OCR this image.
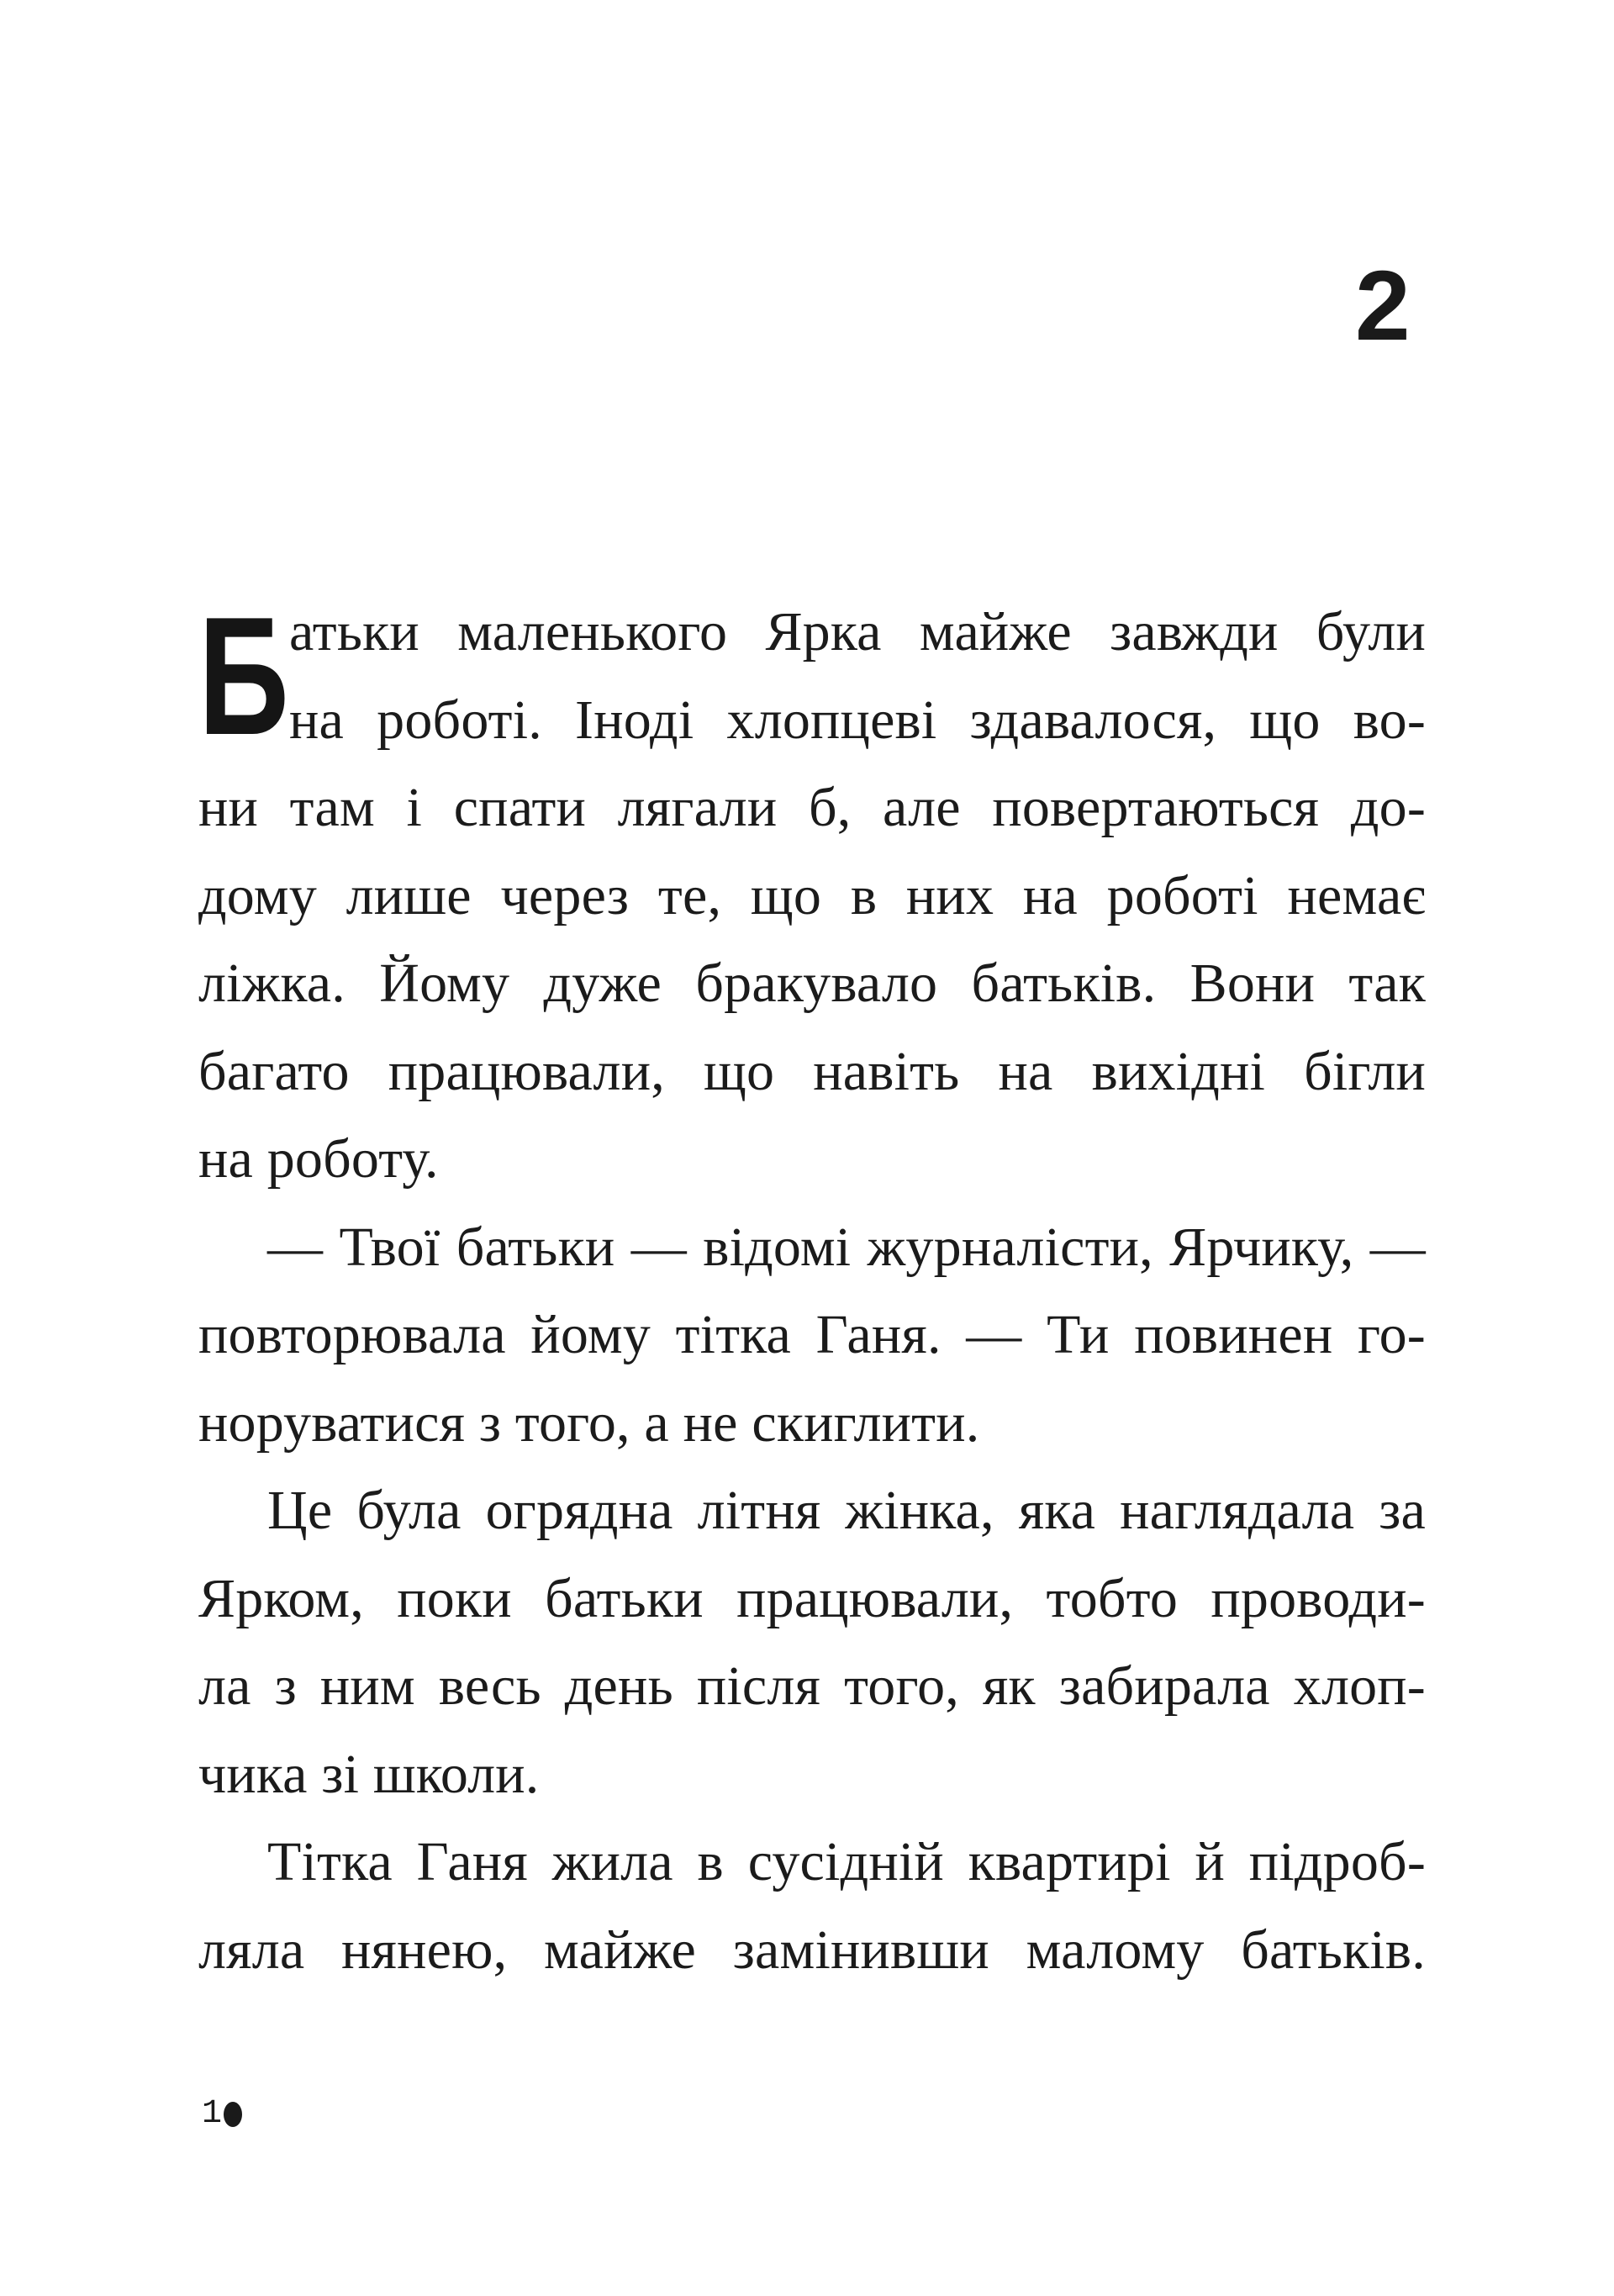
2
Б атьки маленького Ярка майже завжди були
на роботі. Іноді хлопцеві здавалося, що во-
ни там і спати лягали б, але повертаються до-
дому лише через те, що в них на роботі немає
ліжка. Йому дуже бракувало батьків. Вони так
багато працювали, що навіть на вихідні бігли
на роботу.
— Твої батьки — відомі журналісти, Ярчику, —
повторювала йому тітка Ганя. — Ти повинен го-
норуватися з того, а не скиглити.
Це була огрядна літня жінка, яка наглядала за
Ярком, поки батьки працювали, тобто проводи-
ла з ним весь день після того, як забирала хлоп-
чика зі школи.
Тітка Ганя жила в сусідній квартирі й підроб-
ляла нянею, майже замінивши малому батьків.
1
